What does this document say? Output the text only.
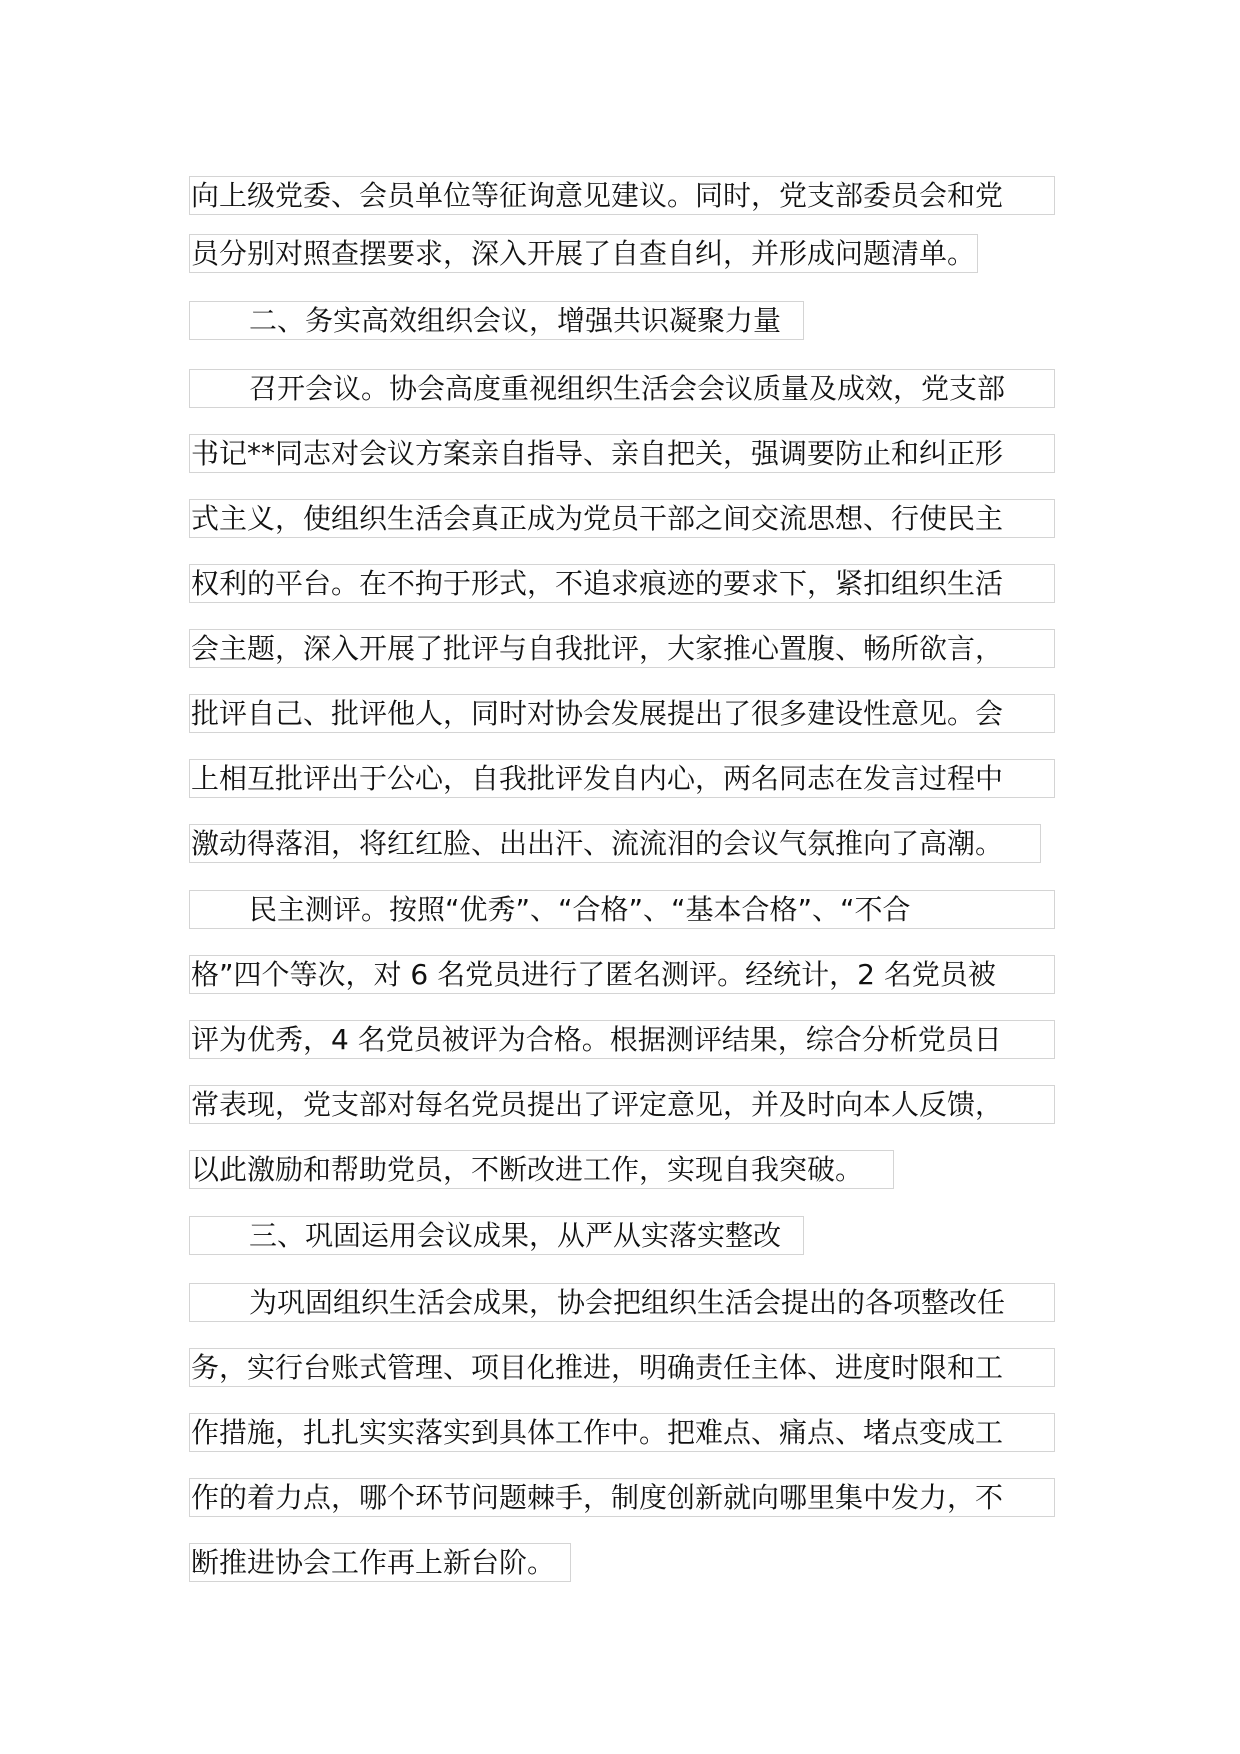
向上级党委、会员单位等征询意见建议。同时，党支部委员会和党
员分别对照查摆要求，深入开展了自查自纠，并形成问题清单。
二、务实高效组织会议，增强共识凝聚力量
召开会议。协会高度重视组织生活会会议质量及成效，党支部
书记**同志对会议方案亲自指导、亲自把关，强调要防止和纠正形
式主义，使组织生活会真正成为党员干部之间交流思想、行使民主
权利的平台。在不拘于形式，不追求痕迹的要求下，紧扣组织生活
会主题，深入开展了批评与自我批评，大家推心置腹、畅所欲言，
批评自己、批评他人，同时对协会发展提出了很多建设性意见。会
上相互批评出于公心，自我批评发自内心，两名同志在发言过程中
激动得落泪，将红红脸、出出汗、流流泪的会议气氛推向了高潮。
民主测评。按照“优秀”、“合格”、“基本合格”、“不合
格”四个等次，对 6 名党员进行了匿名测评。经统计，2 名党员被
评为优秀，4 名党员被评为合格。根据测评结果，综合分析党员日
常表现，党支部对每名党员提出了评定意见，并及时向本人反馈，
以此激励和帮助党员，不断改进工作，实现自我突破。
三、巩固运用会议成果，从严从实落实整改
为巩固组织生活会成果，协会把组织生活会提出的各项整改任
务，实行台账式管理、项目化推进，明确责任主体、进度时限和工
作措施，扎扎实实落实到具体工作中。把难点、痛点、堵点变成工
作的着力点，哪个环节问题棘手，制度创新就向哪里集中发力，不
断推进协会工作再上新台阶。
